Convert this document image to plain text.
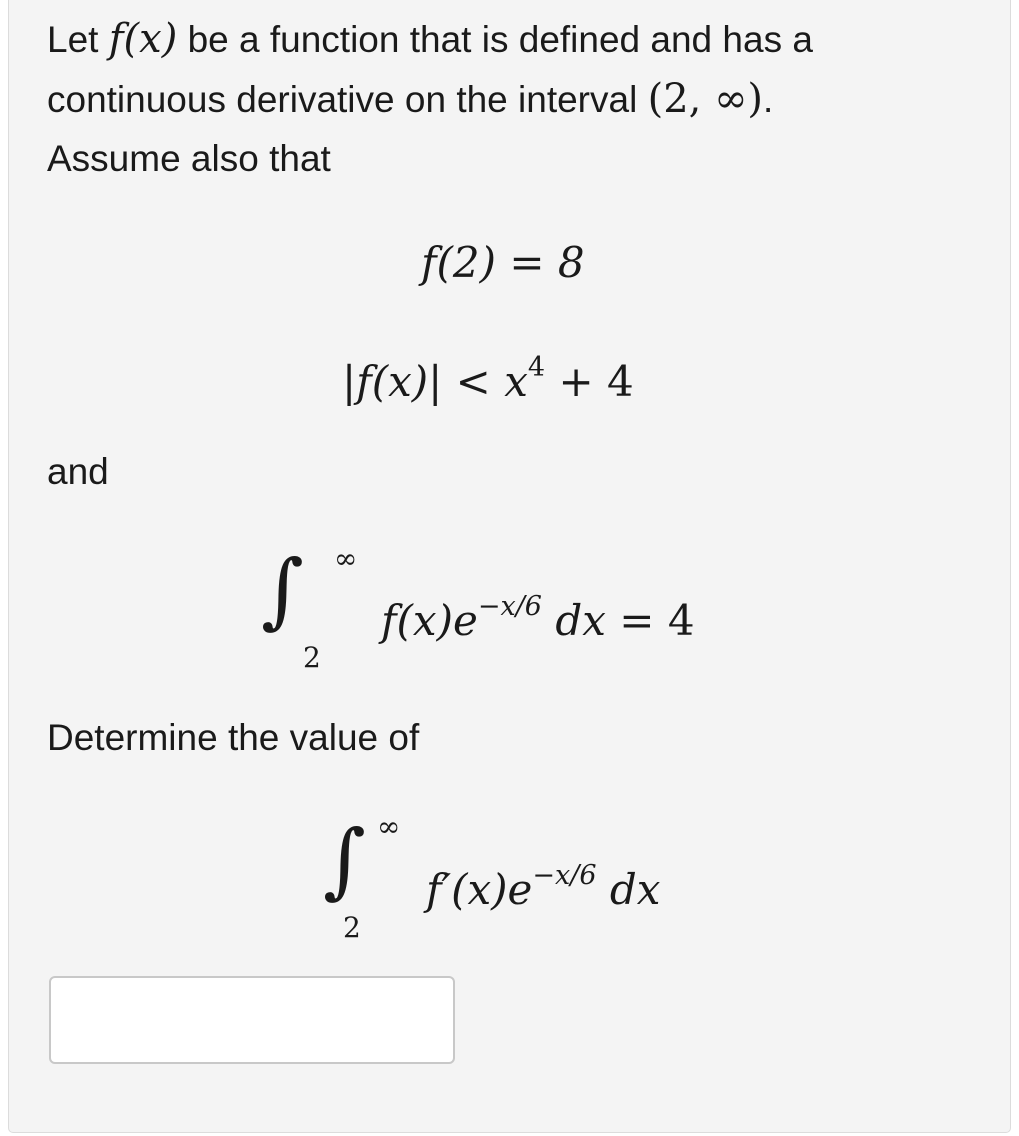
Let f(x) be a function that is defined and has a
continuous derivative on the interval (2, ∞).
Assume also that
f(2) = 8
$|f(x)| < x^4 + 4$
and
∫ ∞
2
$f(x)e^{-x/6}$ dx = 4
Determine the value of
∫ ∞
2
$f'(x)e^{-x/6}$ dx
